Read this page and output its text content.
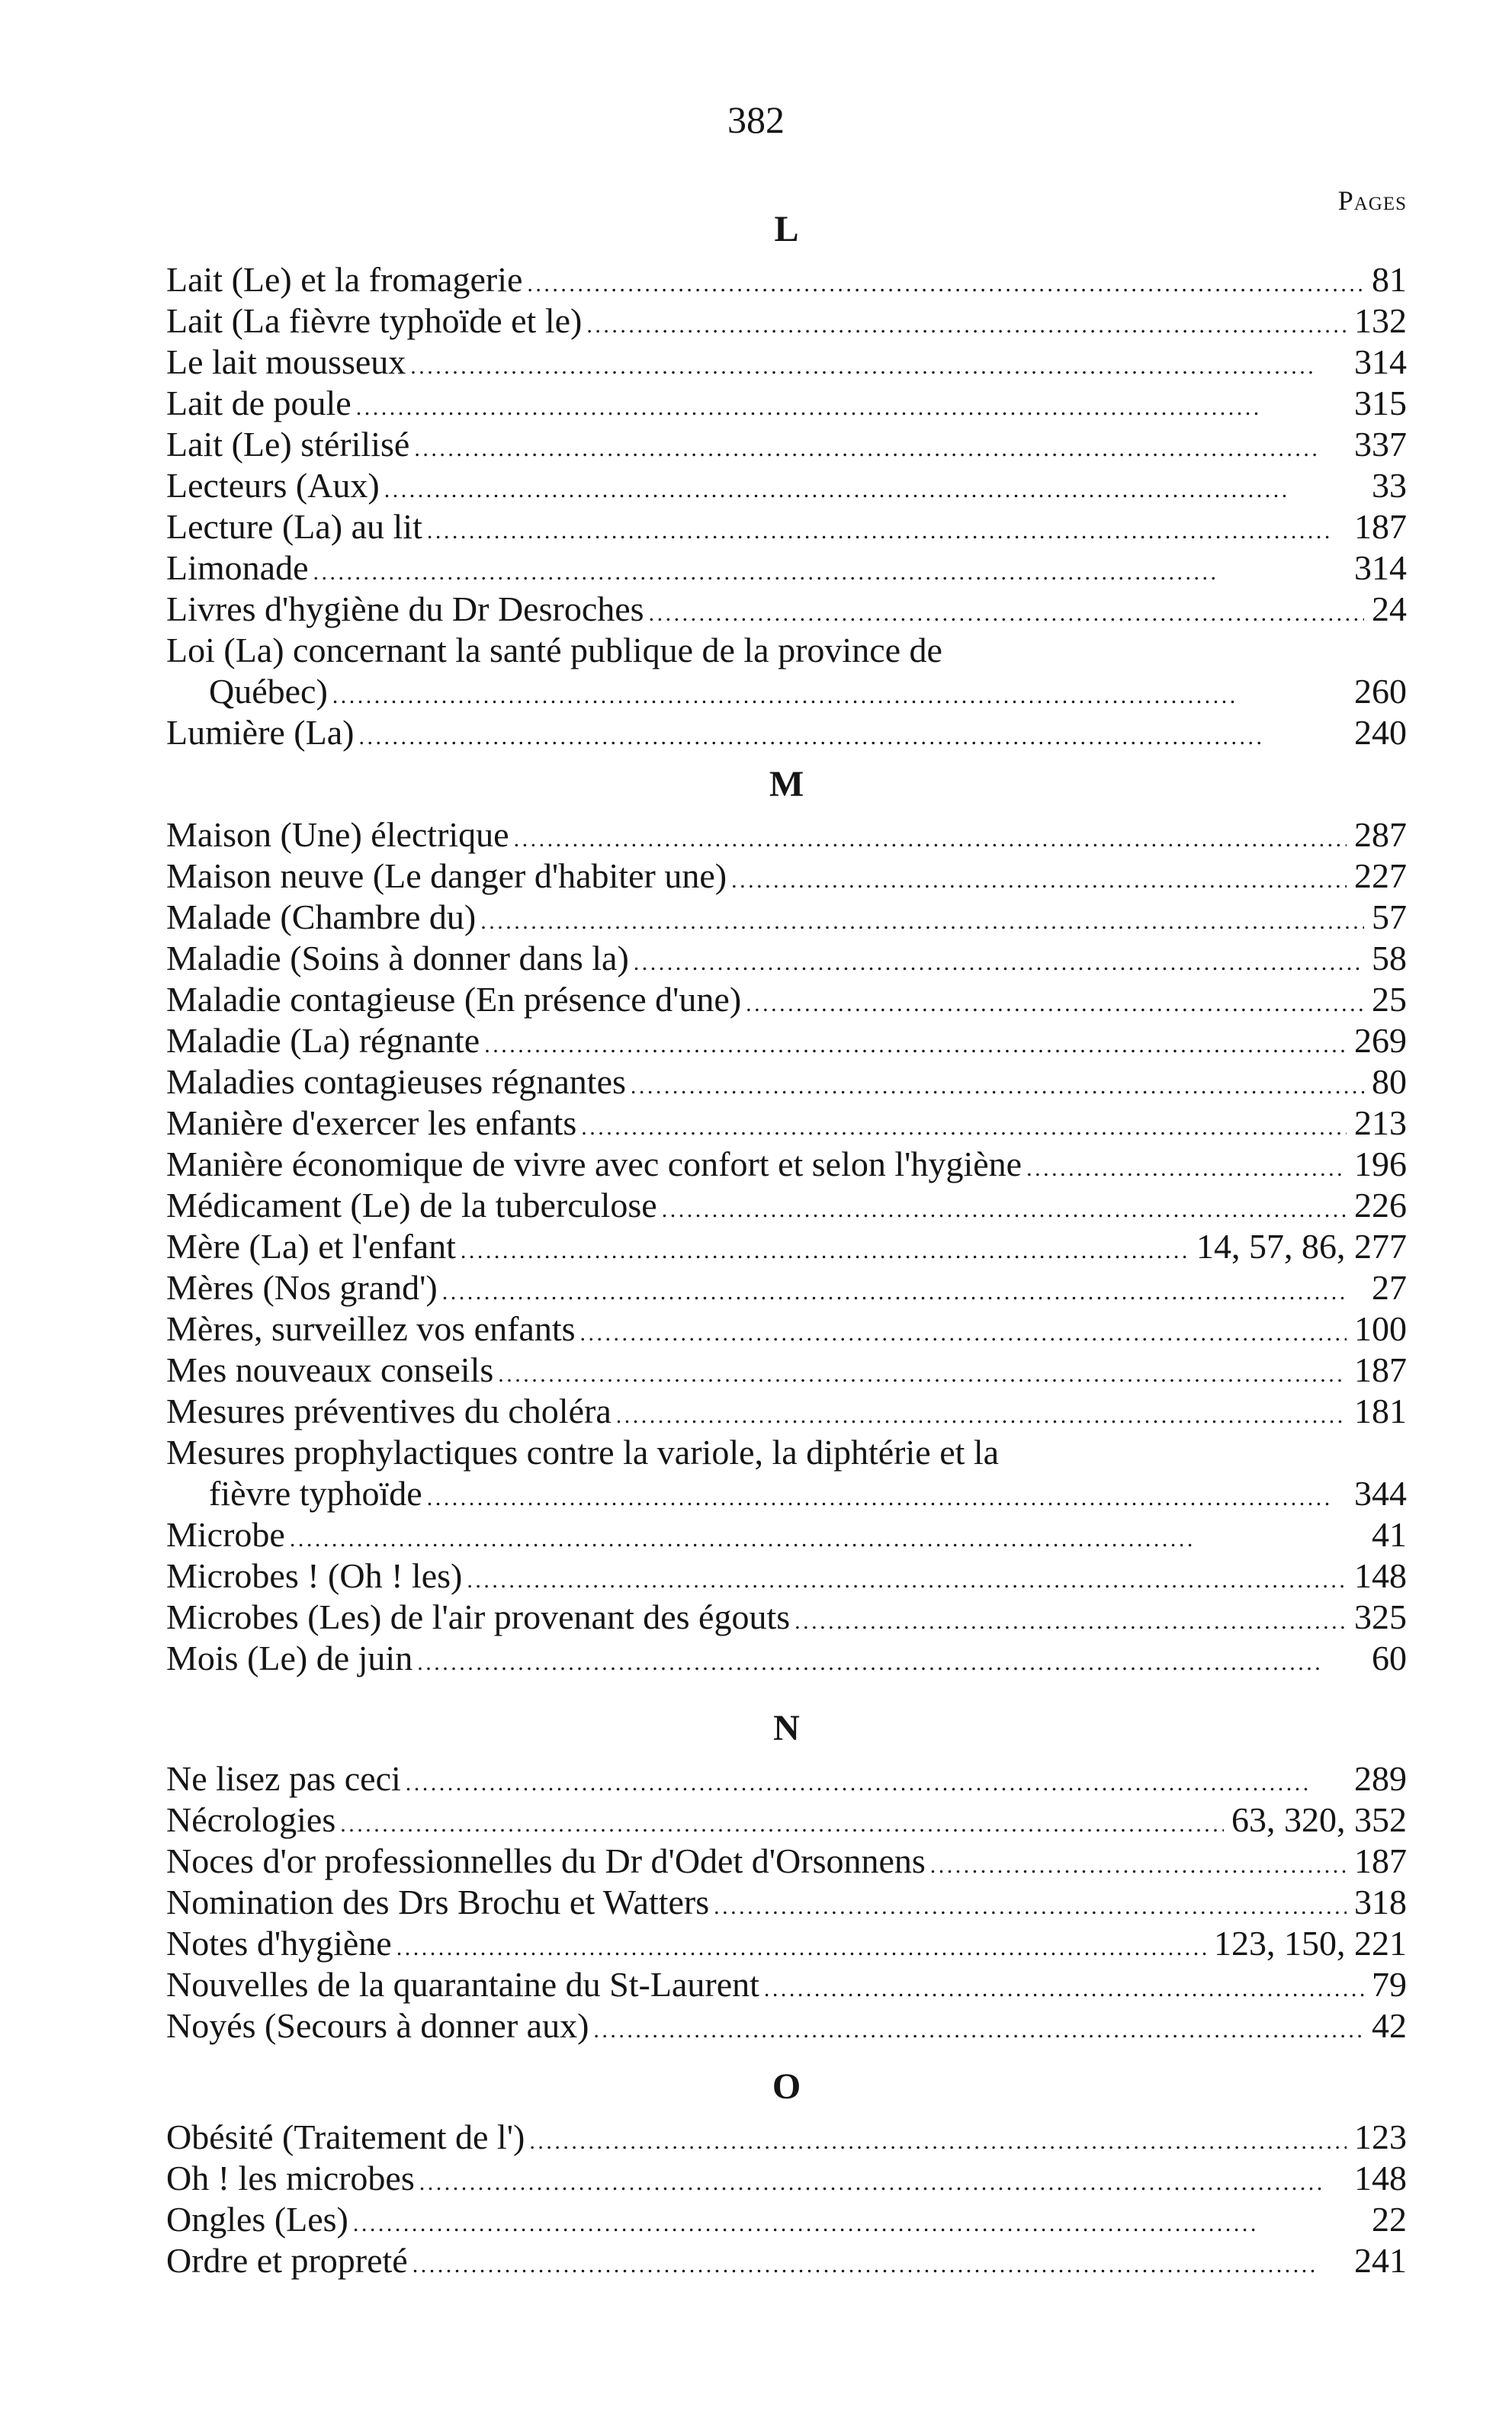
382
Pages
L
Lait (Le) et la fromagerie . . .	81
Lait (La fièvre typhoïde et le) . . .	132
Le lait mousseux . . .	314
Lait de poule . . .	315
Lait (Le) stérilisé . . .	337
Lecteurs (Aux) . . .	33
Lecture (La) au lit . . .	187
Limonade . . .	314
Livres d'hygiène du Dr Desroches . . .	24
Loi (La) concernant la santé publique de la province de
Québec) . . .	260
Lumière (La) . . .	240
M
Maison (Une) électrique . . .	287
Maison neuve (Le danger d'habiter une) . . .	227
Malade (Chambre du) . . .	57
Maladie (Soins à donner dans la) . . .	58
Maladie contagieuse (En présence d'une) . . .	25
Maladie (La) régnante . . .	269
Maladies contagieuses régnantes . . .	80
Manière d'exercer les enfants . . .	213
Manière économique de vivre avec confort et selon l'hygiène . . .	196
Médicament (Le) de la tuberculose . . .	226
Mère (La) et l'enfant . . .	14, 57, 86, 277
Mères (Nos grand') . . .	27
Mères, surveillez vos enfants . . .	100
Mes nouveaux conseils . . .	187
Mesures préventives du choléra . . .	181
Mesures prophylactiques contre la variole, la diphtérie et la
fièvre typhoïde . . .	344
Microbe . . .	41
Microbes ! (Oh ! les) . . .	148
Microbes (Les) de l'air provenant des égouts . . .	325
Mois (Le) de juin . . .	60
N
Ne lisez pas ceci . . .	289
Nécrologies . . .	63, 320, 352
Noces d'or professionnelles du Dr d'Odet d'Orsonnens . . .	187
Nomination des Drs Brochu et Watters . . .	318
Notes d'hygiène . . .	123, 150, 221
Nouvelles de la quarantaine du St-Laurent . . .	79
Noyés (Secours à donner aux) . . .	42
O
Obésité (Traitement de l') . . .	123
Oh ! les microbes . . .	148
Ongles (Les) . . .	22
Ordre et propreté . . .	241
